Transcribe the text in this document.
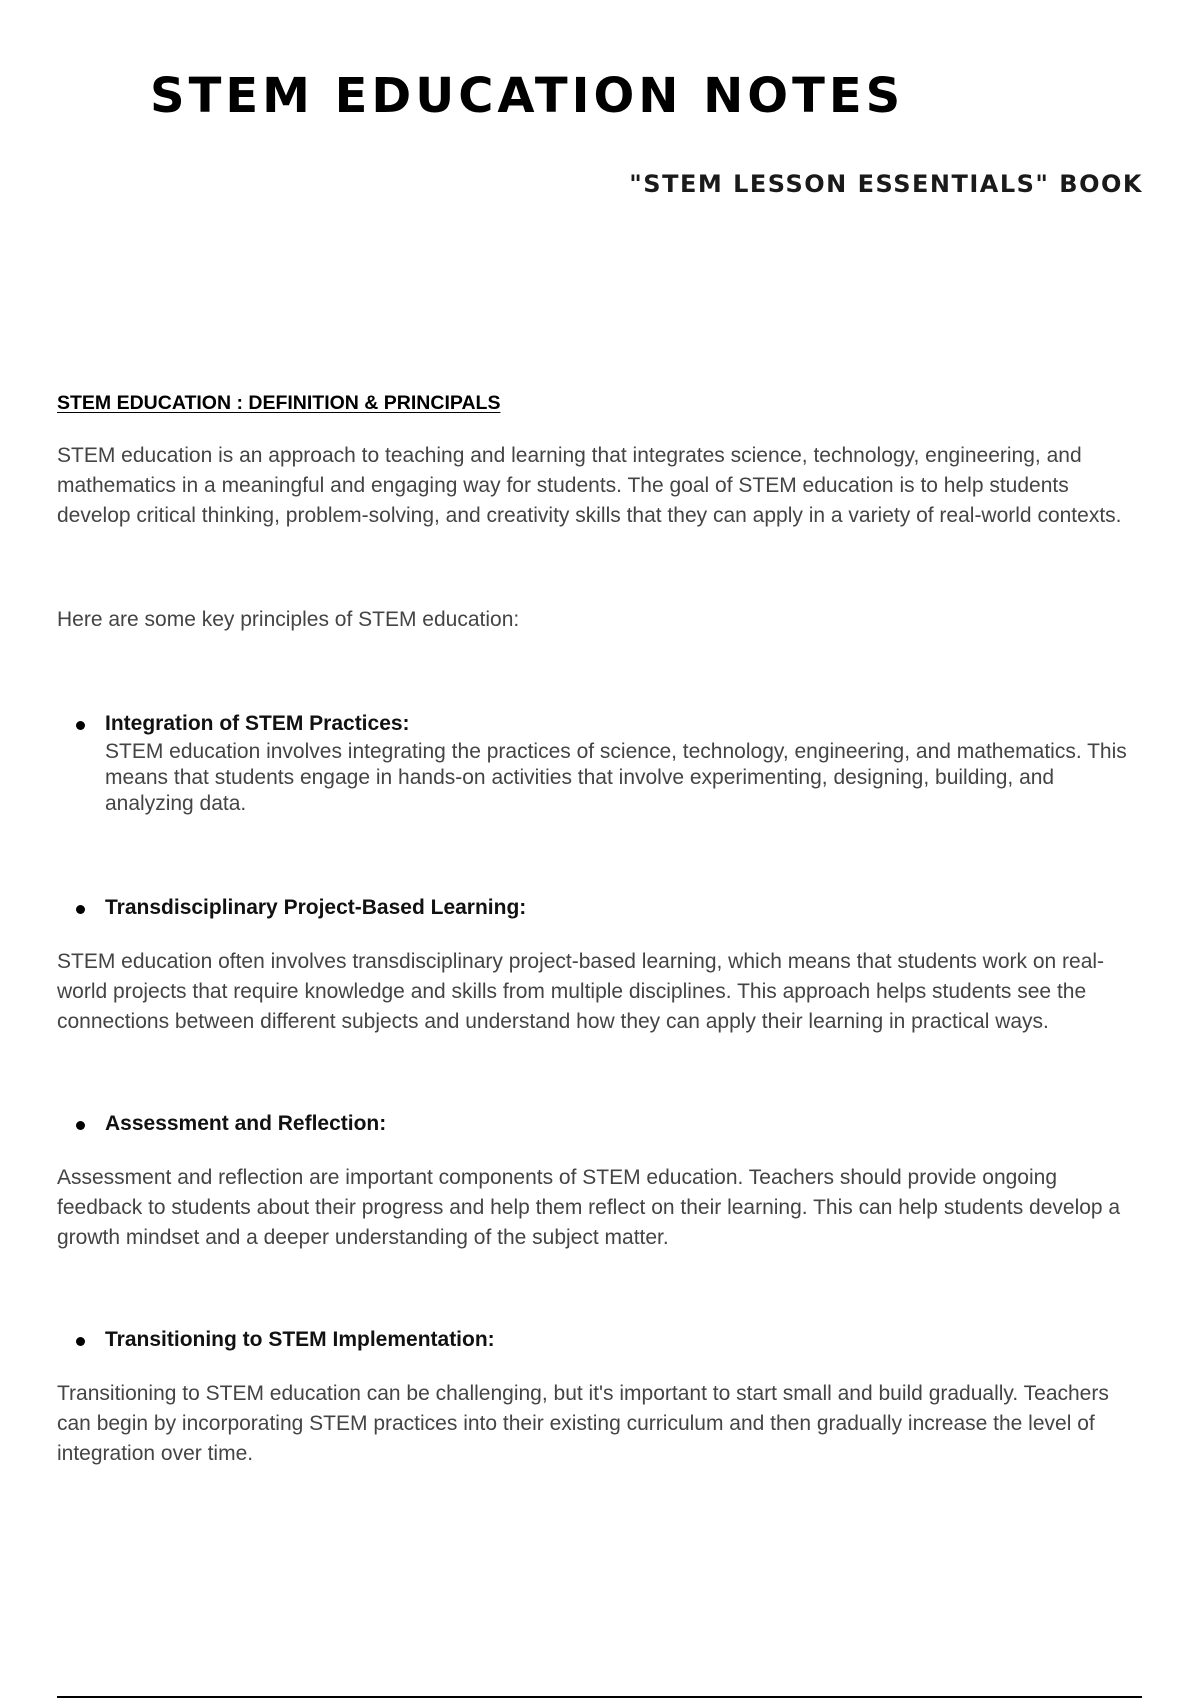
STEM EDUCATION NOTES
"STEM LESSON ESSENTIALS" BOOK

STEM EDUCATION : DEFINITION & PRINCIPALS

STEM education is an approach to teaching and learning that integrates science, technology, engineering, and mathematics in a meaningful and engaging way for students. The goal of STEM education is to help students develop critical thinking, problem-solving, and creativity skills that they can apply in a variety of real-world contexts.

Here are some key principles of STEM education:

Integration of STEM Practices:

STEM education involves integrating the practices of science, technology, engineering, and mathematics. This means that students engage in hands-on activities that involve experimenting, designing, building, and analyzing data.

Transdisciplinary Project-Based Learning:

STEM education often involves transdisciplinary project-based learning, which means that students work on real-world projects that require knowledge and skills from multiple disciplines. This approach helps students see the connections between different subjects and understand how they can apply their learning in practical ways.

Assessment and Reflection:

Assessment and reflection are important components of STEM education. Teachers should provide ongoing feedback to students about their progress and help them reflect on their learning. This can help students develop a growth mindset and a deeper understanding of the subject matter.

Transitioning to STEM Implementation:

Transitioning to STEM education can be challenging, but it's important to start small and build gradually. Teachers can begin by incorporating STEM practices into their existing curriculum and then gradually increase the level of integration over time.
